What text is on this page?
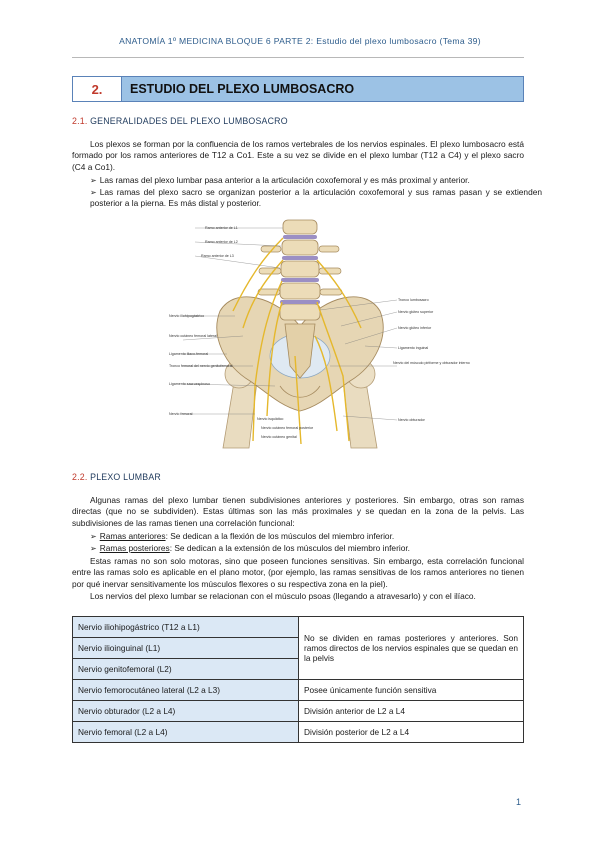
ANATOMÍA 1º MEDICINA BLOQUE 6 PARTE 2: Estudio del plexo lumbosacro (Tema 39)
2.	ESTUDIO DEL PLEXO LUMBOSACRO
2.1. GENERALIDADES DEL PLEXO LUMBOSACRO

Los plexos se forman por la confluencia de los ramos vertebrales de los nervios espinales. El plexo lumbosacro está formado por los ramos anteriores de T12 a Co1. Este a su vez se divide en el plexo lumbar (T12 a C4) y el plexo sacro (C4 a Co1).

➢ Las ramas del plexo lumbar pasa anterior a la articulación coxofemoral y es más proximal y anterior.

➢ Las ramas del plexo sacro se organizan posterior a la articulación coxofemoral y sus ramas pasan y se extienden posterior a la pierna. Es más distal y posterior.

Ramo anterior de L1
Ramo anterior de L2
Ramo anterior de L3
Nervio iliohipogástrico
Nervio cutáneo femoral lateral
Ligamento iliaco-femoral
Tronco femoral del nervio genitofemoral
Ligamento sacroespinoso
Nervio femoral
Tronco lumbosacro
Nervio glúteo superior
Nervio glúteo inferior
Ligamento inguinal
Nervio del músculo piriforme y obturador interno
Nervio obturador
Nervio isquiático
Nervio cutáneo femoral posterior
Nervio cutáneo genital
2.2. PLEXO LUMBAR

Algunas ramas del plexo lumbar tienen subdivisiones anteriores y posteriores. Sin embargo, otras son ramas directas (que no se subdividen). Estas últimas son las más proximales y se quedan en la zona de la pelvis. Las subdivisiones de las ramas tienen una correlación funcional:

➢ Ramas anteriores: Se dedican a la flexión de los músculos del miembro inferior.

➢ Ramas posteriores: Se dedican a la extensión de los músculos del miembro inferior.

Estas ramas no son solo motoras, sino que poseen funciones sensitivas. Sin embargo, esta correlación funcional entre las ramas solo es aplicable en el plano motor, (por ejemplo, las ramas sensitivas de los ramos anteriores no tienen por qué inervar sensitivamente los músculos flexores o su respectiva zona en la piel).

Los nervios del plexo lumbar se relacionan con el músculo psoas (llegando a atravesarlo) y con el ilíaco.

Nervio iliohipogástrico (T12 a L1)	No se dividen en ramas posteriores y anteriores. Son ramos directos de los nervios espinales que se quedan en la pelvis
Nervio ilioinguinal (L1)	
Nervio genitofemoral (L2)	
Nervio femorocutáneo lateral (L2 a L3)	Posee únicamente función sensitiva
Nervio obturador (L2 a L4)	División anterior de L2 a L4
Nervio femoral (L2 a L4)	División posterior de L2 a L4
1
